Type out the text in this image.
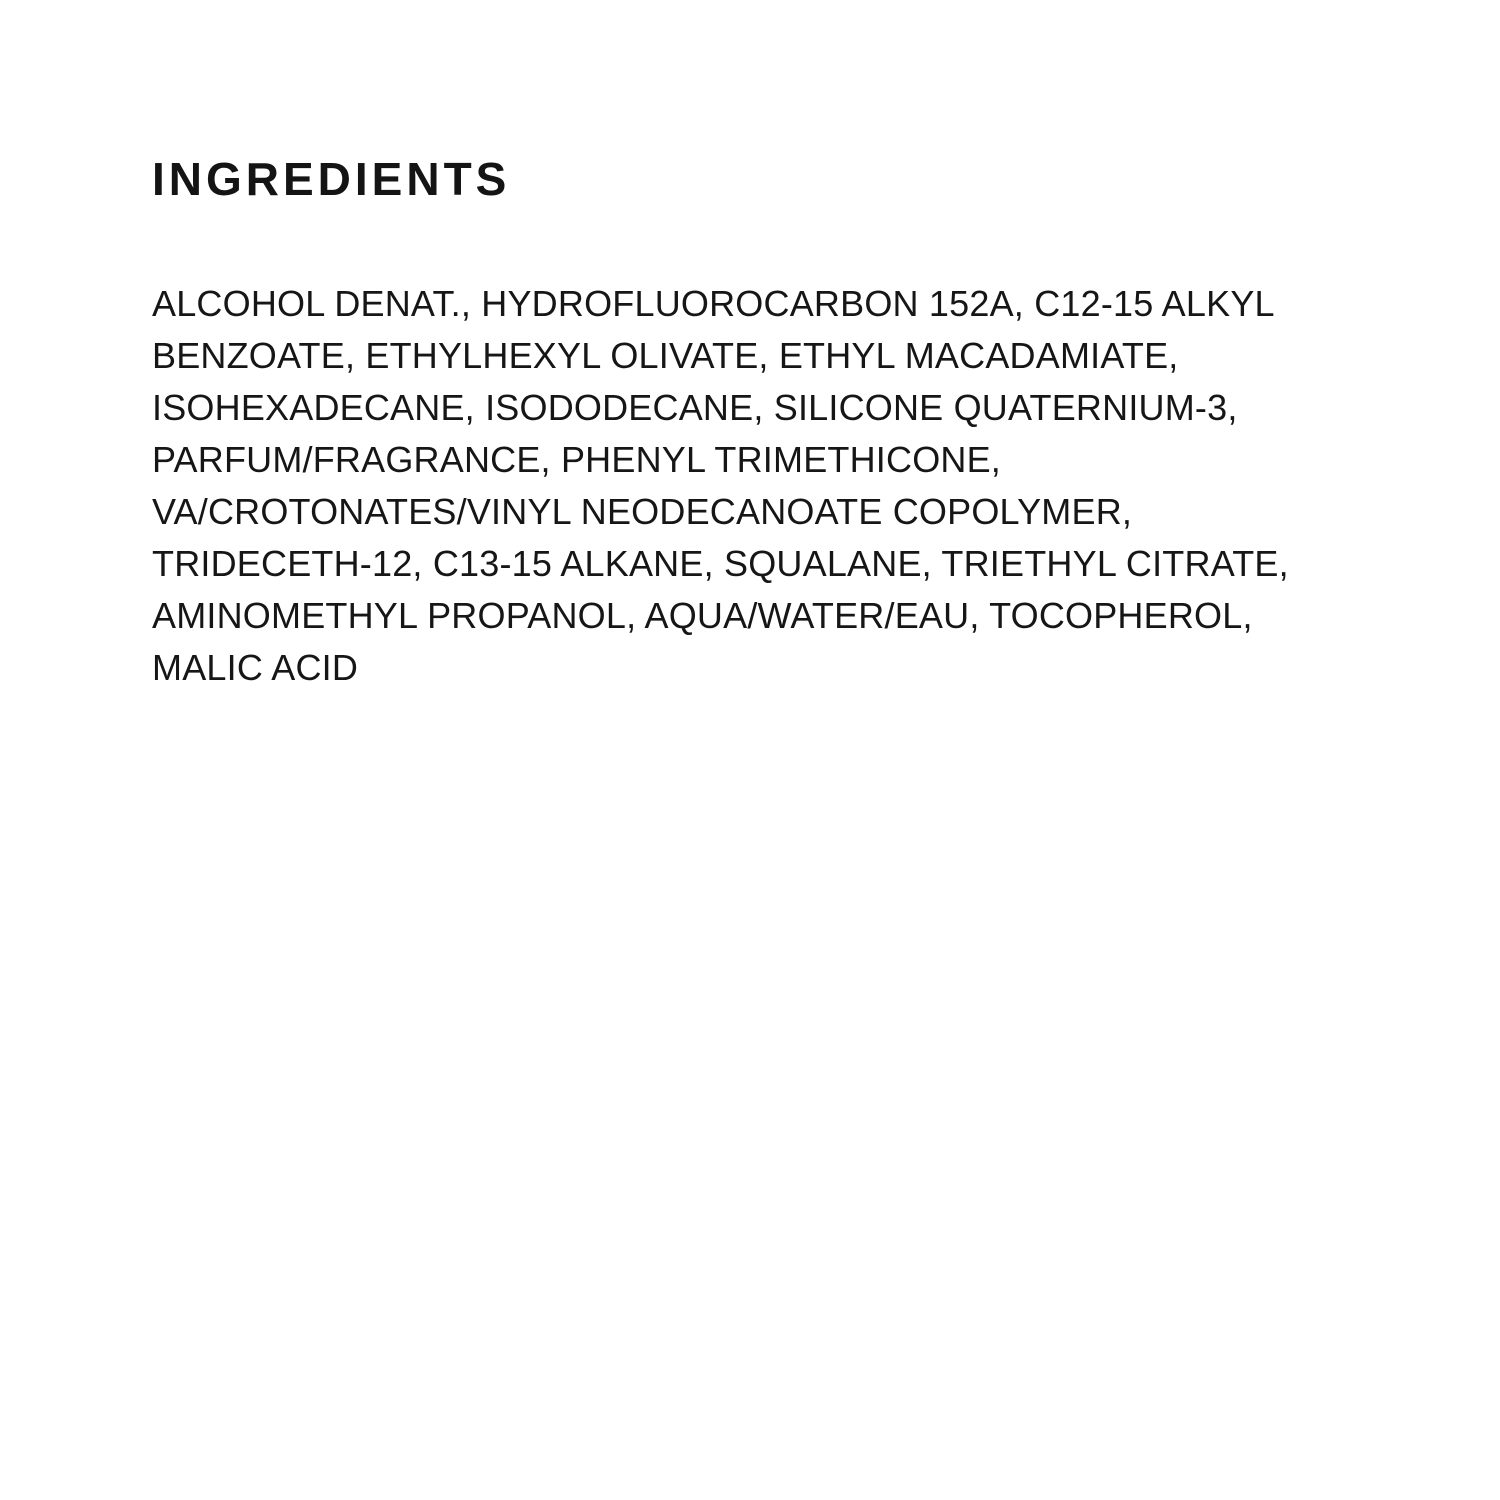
INGREDIENTS
ALCOHOL DENAT., HYDROFLUOROCARBON 152A, C12-15 ALKYL
BENZOATE, ETHYLHEXYL OLIVATE, ETHYL MACADAMIATE,
ISOHEXADECANE, ISODODECANE, SILICONE QUATERNIUM-3,
PARFUM/FRAGRANCE, PHENYL TRIMETHICONE,
VA/CROTONATES/VINYL NEODECANOATE COPOLYMER,
TRIDECETH-12, C13-15 ALKANE, SQUALANE, TRIETHYL CITRATE,
AMINOMETHYL PROPANOL, AQUA/WATER/EAU, TOCOPHEROL,
MALIC ACID
